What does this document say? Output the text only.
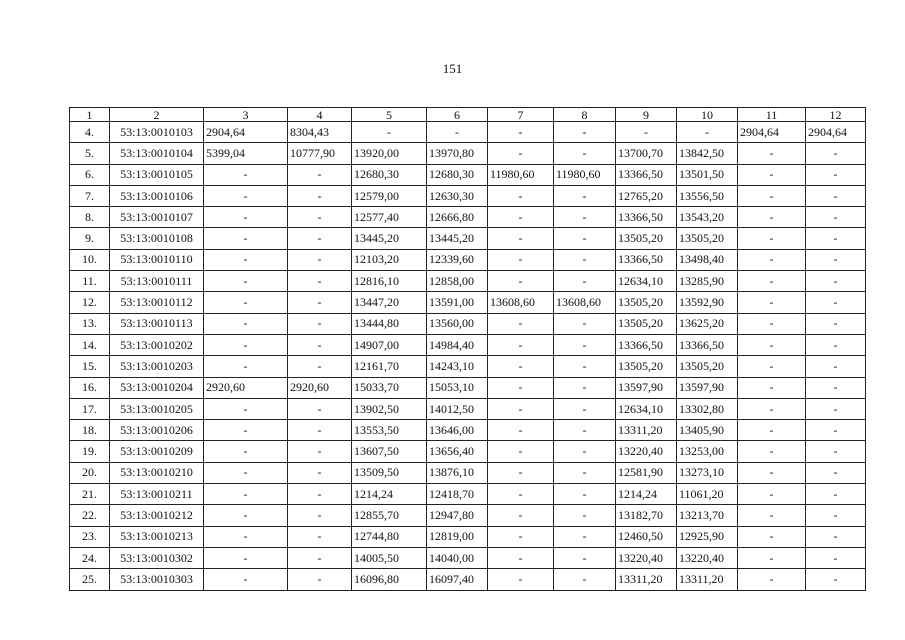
151
1	2	3	4	5	6	7	8	9	10	11	12
4.	53:13:0010103	2904,64	8304,43	-	-	-	-	-	-	2904,64	2904,64
5.	53:13:0010104	5399,04	10777,90	13920,00	13970,80	-	-	13700,70	13842,50	-	-
6.	53:13:0010105	-	-	12680,30	12680,30	11980,60	11980,60	13366,50	13501,50	-	-
7.	53:13:0010106	-	-	12579,00	12630,30	-	-	12765,20	13556,50	-	-
8.	53:13:0010107	-	-	12577,40	12666,80	-	-	13366,50	13543,20	-	-
9.	53:13:0010108	-	-	13445,20	13445,20	-	-	13505,20	13505,20	-	-
10.	53:13:0010110	-	-	12103,20	12339,60	-	-	13366,50	13498,40	-	-
11.	53:13:0010111	-	-	12816,10	12858,00	-	-	12634,10	13285,90	-	-
12.	53:13:0010112	-	-	13447,20	13591,00	13608,60	13608,60	13505,20	13592,90	-	-
13.	53:13:0010113	-	-	13444,80	13560,00	-	-	13505,20	13625,20	-	-
14.	53:13:0010202	-	-	14907,00	14984,40	-	-	13366,50	13366,50	-	-
15.	53:13:0010203	-	-	12161,70	14243,10	-	-	13505,20	13505,20	-	-
16.	53:13:0010204	2920,60	2920,60	15033,70	15053,10	-	-	13597,90	13597,90	-	-
17.	53:13:0010205	-	-	13902,50	14012,50	-	-	12634,10	13302,80	-	-
18.	53:13:0010206	-	-	13553,50	13646,00	-	-	13311,20	13405,90	-	-
19.	53:13:0010209	-	-	13607,50	13656,40	-	-	13220,40	13253,00	-	-
20.	53:13:0010210	-	-	13509,50	13876,10	-	-	12581,90	13273,10	-	-
21.	53:13:0010211	-	-	1214,24	12418,70	-	-	1214,24	11061,20	-	-
22.	53:13:0010212	-	-	12855,70	12947,80	-	-	13182,70	13213,70	-	-
23.	53:13:0010213	-	-	12744,80	12819,00	-	-	12460,50	12925,90	-	-
24.	53:13:0010302	-	-	14005,50	14040,00	-	-	13220,40	13220,40	-	-
25.	53:13:0010303	-	-	16096,80	16097,40	-	-	13311,20	13311,20	-	-
